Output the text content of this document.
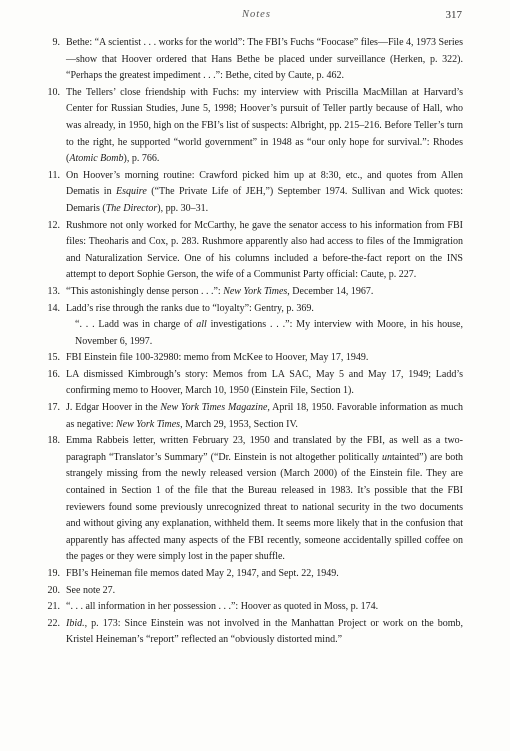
Notes	317
9. Bethe: “A scientist . . . works for the world”: The FBI’s Fuchs “Foocase” files—File 4, 1973 Series—show that Hoover ordered that Hans Bethe be placed under surveillance (Herken, p. 322). “Perhaps the greatest impediment . . .”: Bethe, cited by Caute, p. 462.
10. The Tellers’ close friendship with Fuchs: my interview with Priscilla MacMillan at Harvard’s Center for Russian Studies, June 5, 1998; Hoover’s pursuit of Teller partly because of Hall, who was already, in 1950, high on the FBI’s list of suspects: Albright, pp. 215–216. Before Teller’s turn to the right, he supported “world government” in 1948 as “our only hope for survival.”: Rhodes (Atomic Bomb), p. 766.
11. On Hoover’s morning routine: Crawford picked him up at 8:30, etc., and quotes from Allen Dematis in Esquire (“The Private Life of JEH,”) September 1974. Sullivan and Wick quotes: Demaris (The Director), pp. 30–31.
12. Rushmore not only worked for McCarthy, he gave the senator access to his information from FBI files: Theoharis and Cox, p. 283. Rushmore apparently also had access to files of the Immigration and Naturalization Service. One of his columns included a before-the-fact report on the INS attempt to deport Sophie Gerson, the wife of a Communist Party official: Caute, p. 227.
13. “This astonishingly dense person . . .”: New York Times, December 14, 1967.
14. Ladd’s rise through the ranks due to “loyalty”: Gentry, p. 369.
“. . . Ladd was in charge of all investigations . . .”: My interview with Moore, in his house, November 6, 1997.
15. FBI Einstein file 100-32980: memo from McKee to Hoover, May 17, 1949.
16. LA dismissed Kimbrough’s story: Memos from LA SAC, May 5 and May 17, 1949; Ladd’s confirming memo to Hoover, March 10, 1950 (Einstein File, Section 1).
17. J. Edgar Hoover in the New York Times Magazine, April 18, 1950. Favorable information as much as negative: New York Times, March 29, 1953, Section IV.
18. Emma Rabbeis letter, written February 23, 1950 and translated by the FBI, as well as a two-paragraph “Translator’s Summary” (“Dr. Einstein is not altogether politically untainted”) are both strangely missing from the newly released version (March 2000) of the Einstein file. They are contained in Section 1 of the file that the Bureau released in 1983. It’s possible that the FBI reviewers found some previously unrecognized threat to national security in the two documents and without giving any explanation, withheld them. It seems more likely that in the confusion that apparently has affected many aspects of the FBI recently, someone accidentally spilled coffee on the pages or they were simply lost in the paper shuffle.
19. FBI’s Heineman file memos dated May 2, 1947, and Sept. 22, 1949.
20. See note 27.
21. “. . . all information in her possession . . .”: Hoover as quoted in Moss, p. 174.
22. Ibid., p. 173: Since Einstein was not involved in the Manhattan Project or work on the bomb, Kristel Heineman’s “report” reflected an “obviously distorted mind.”
